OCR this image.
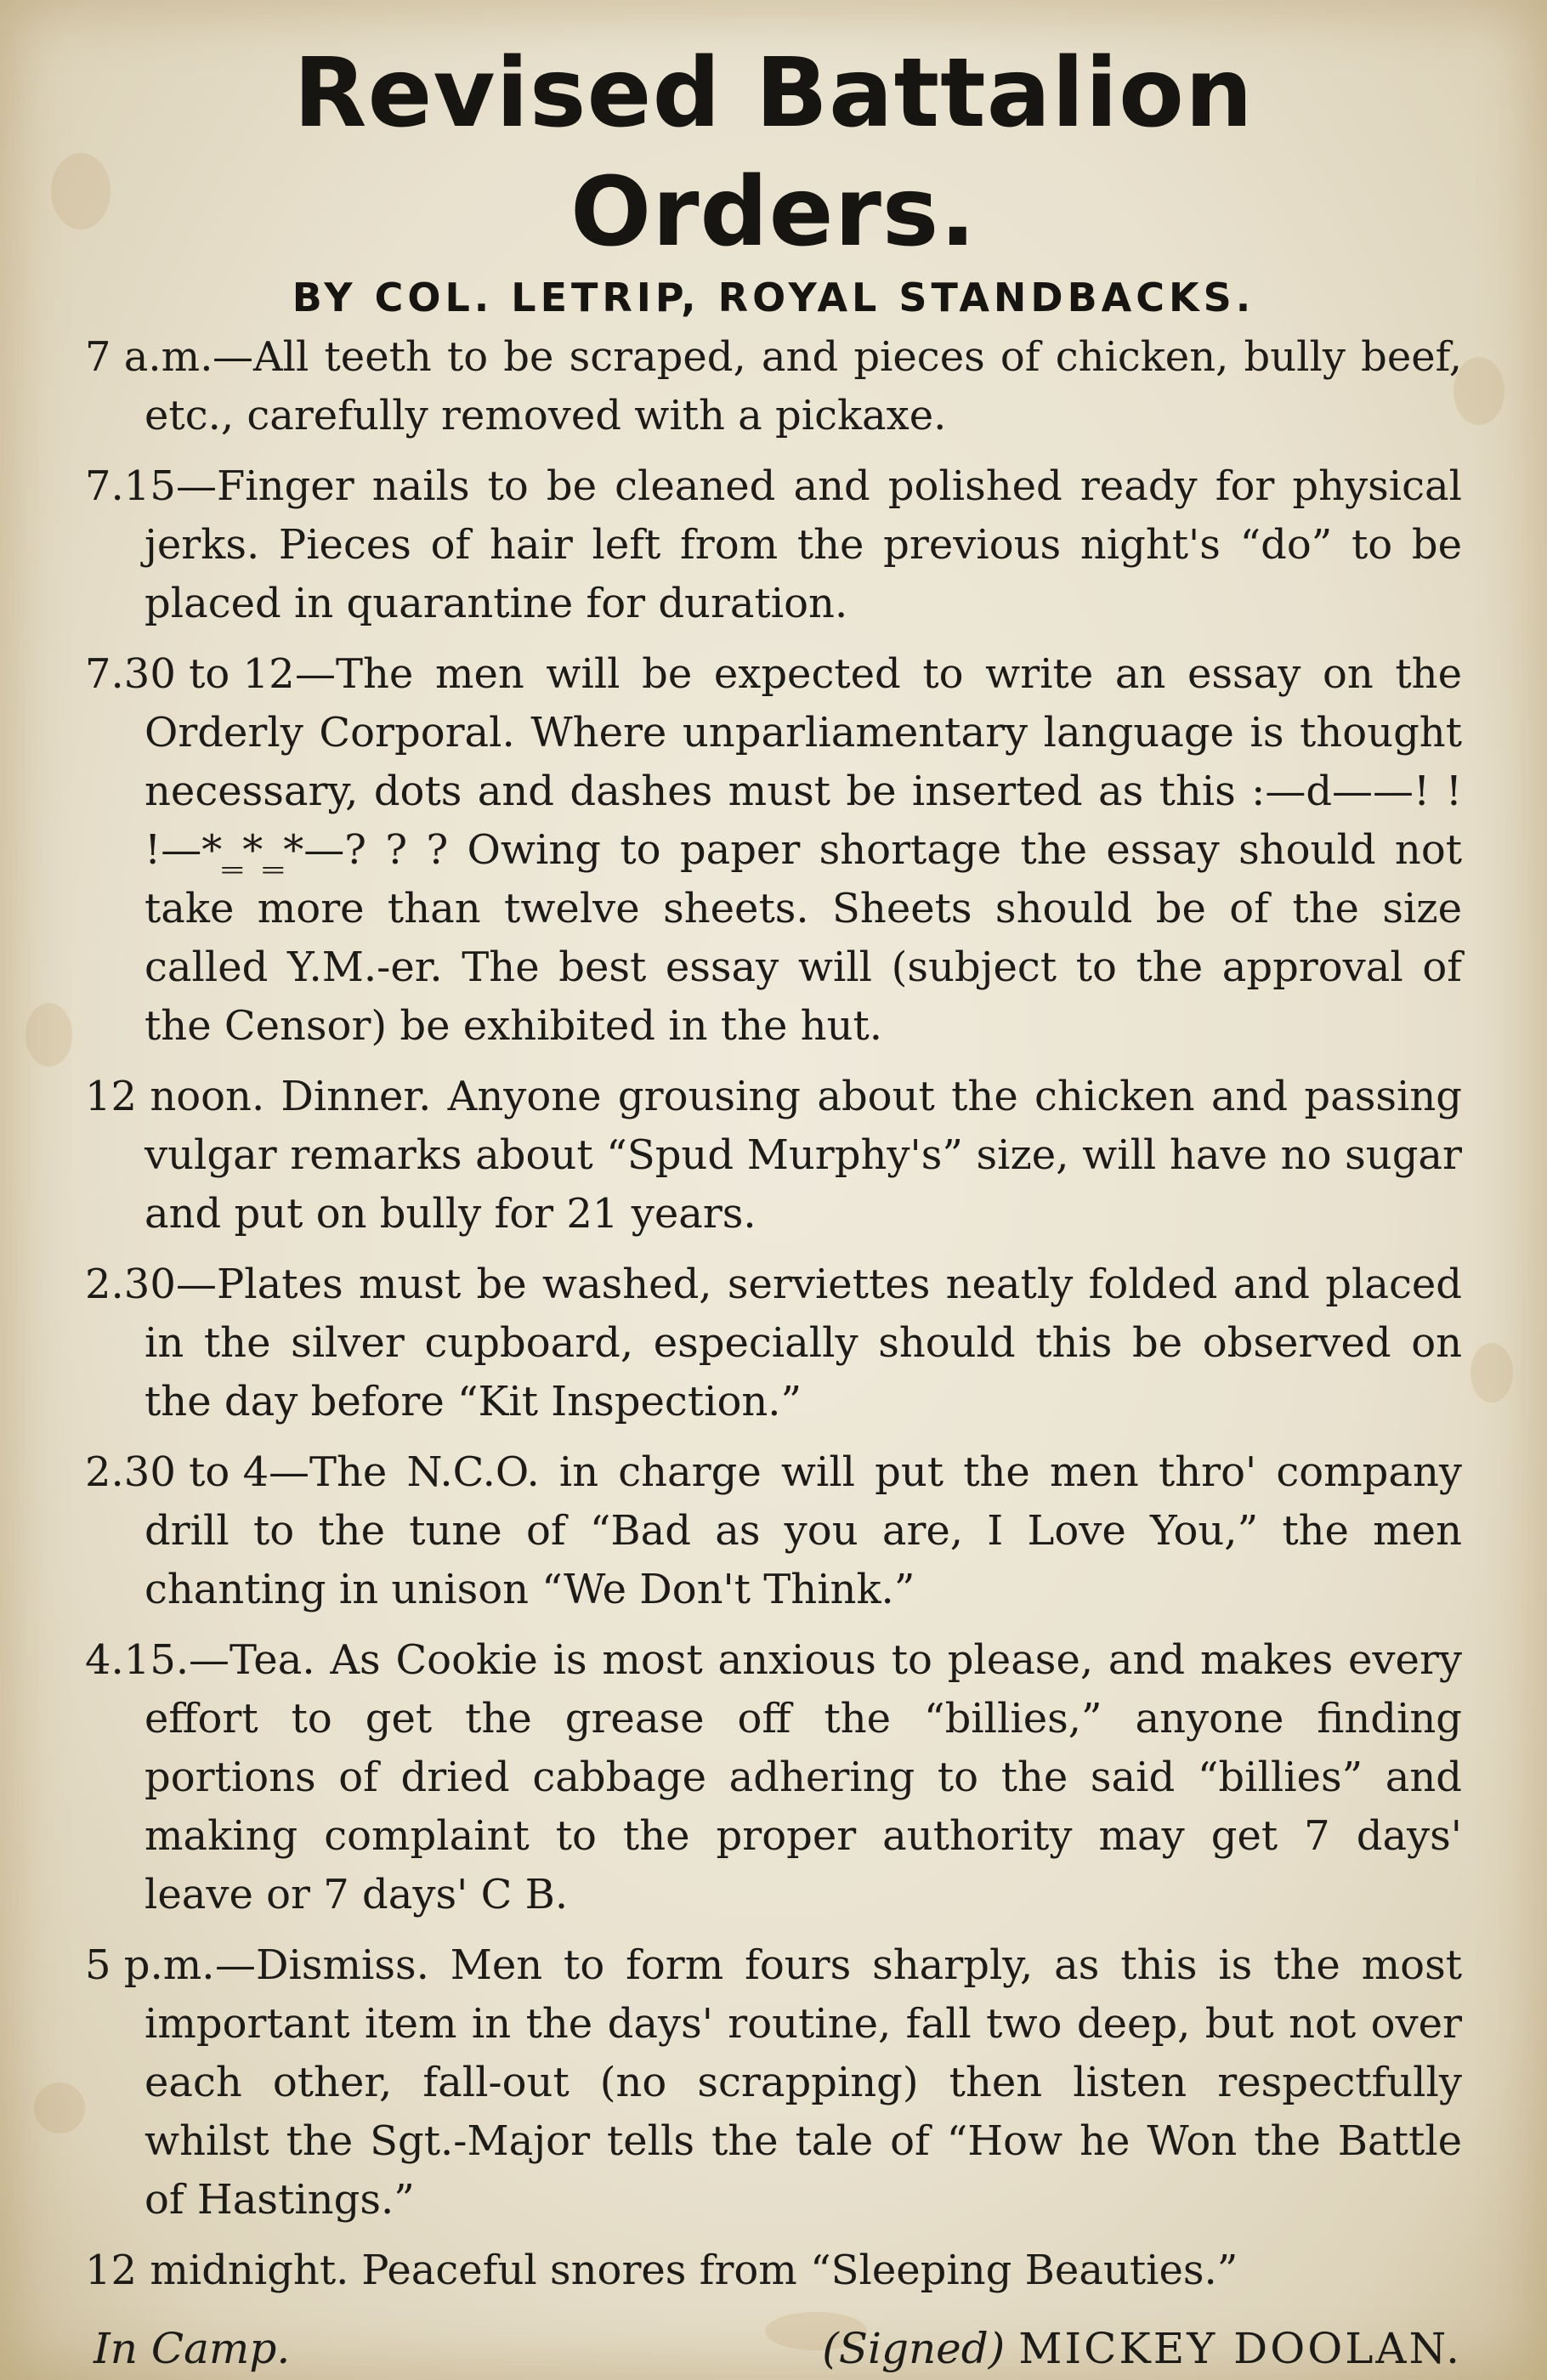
Revised Battalion Orders.

BY COL. LETRIP, ROYAL STANDBACKS.

7 a.m. —All teeth to be scraped, and pieces of chicken, bully beef, etc., carefully removed with a pickaxe.

7.15 —Finger nails to be cleaned and polished ready for physical jerks. Pieces of hair left from the previous night's “do” to be placed in quarantine for duration.

7.30 to 12 —The men will be expected to write an essay on the Orderly Corporal. Where unparliamentary language is thought necessary, dots and dashes must be inserted as this :—d——! ! !—*‗*‗*—? ? ? Owing to paper shortage the essay should not take more than twelve sheets. Sheets should be of the size called Y.M.-er. The best essay will (subject to the approval of the Censor) be exhibited in the hut.

12 noon. Dinner. Anyone grousing about the chicken and passing vulgar remarks about “Spud Murphy's” size, will have no sugar and put on bully for 21 years.

2.30 —Plates must be washed, serviettes neatly folded and placed in the silver cupboard, especially should this be observed on the day before “Kit Inspection.”

2.30 to 4 —The N.C.O. in charge will put the men thro' company drill to the tune of “Bad as you are, I Love You,” the men chanting in unison “We Don't Think.”

4.15. —Tea. As Cookie is most anxious to please, and makes every effort to get the grease off the “billies,” anyone finding portions of dried cabbage adhering to the said “billies” and making complaint to the proper authority may get 7 days' leave or 7 days' C B.

5 p.m. —Dismiss. Men to form fours sharply, as this is the most important item in the days' routine, fall two deep, but not over each other, fall-out (no scrapping) then listen respectfully whilst the Sgt.-Major tells the tale of “How he Won the Battle of Hastings.”

12 midnight. Peaceful snores from “Sleeping Beauties.”

In Camp.	(Signed) MICKEY DOOLAN.
